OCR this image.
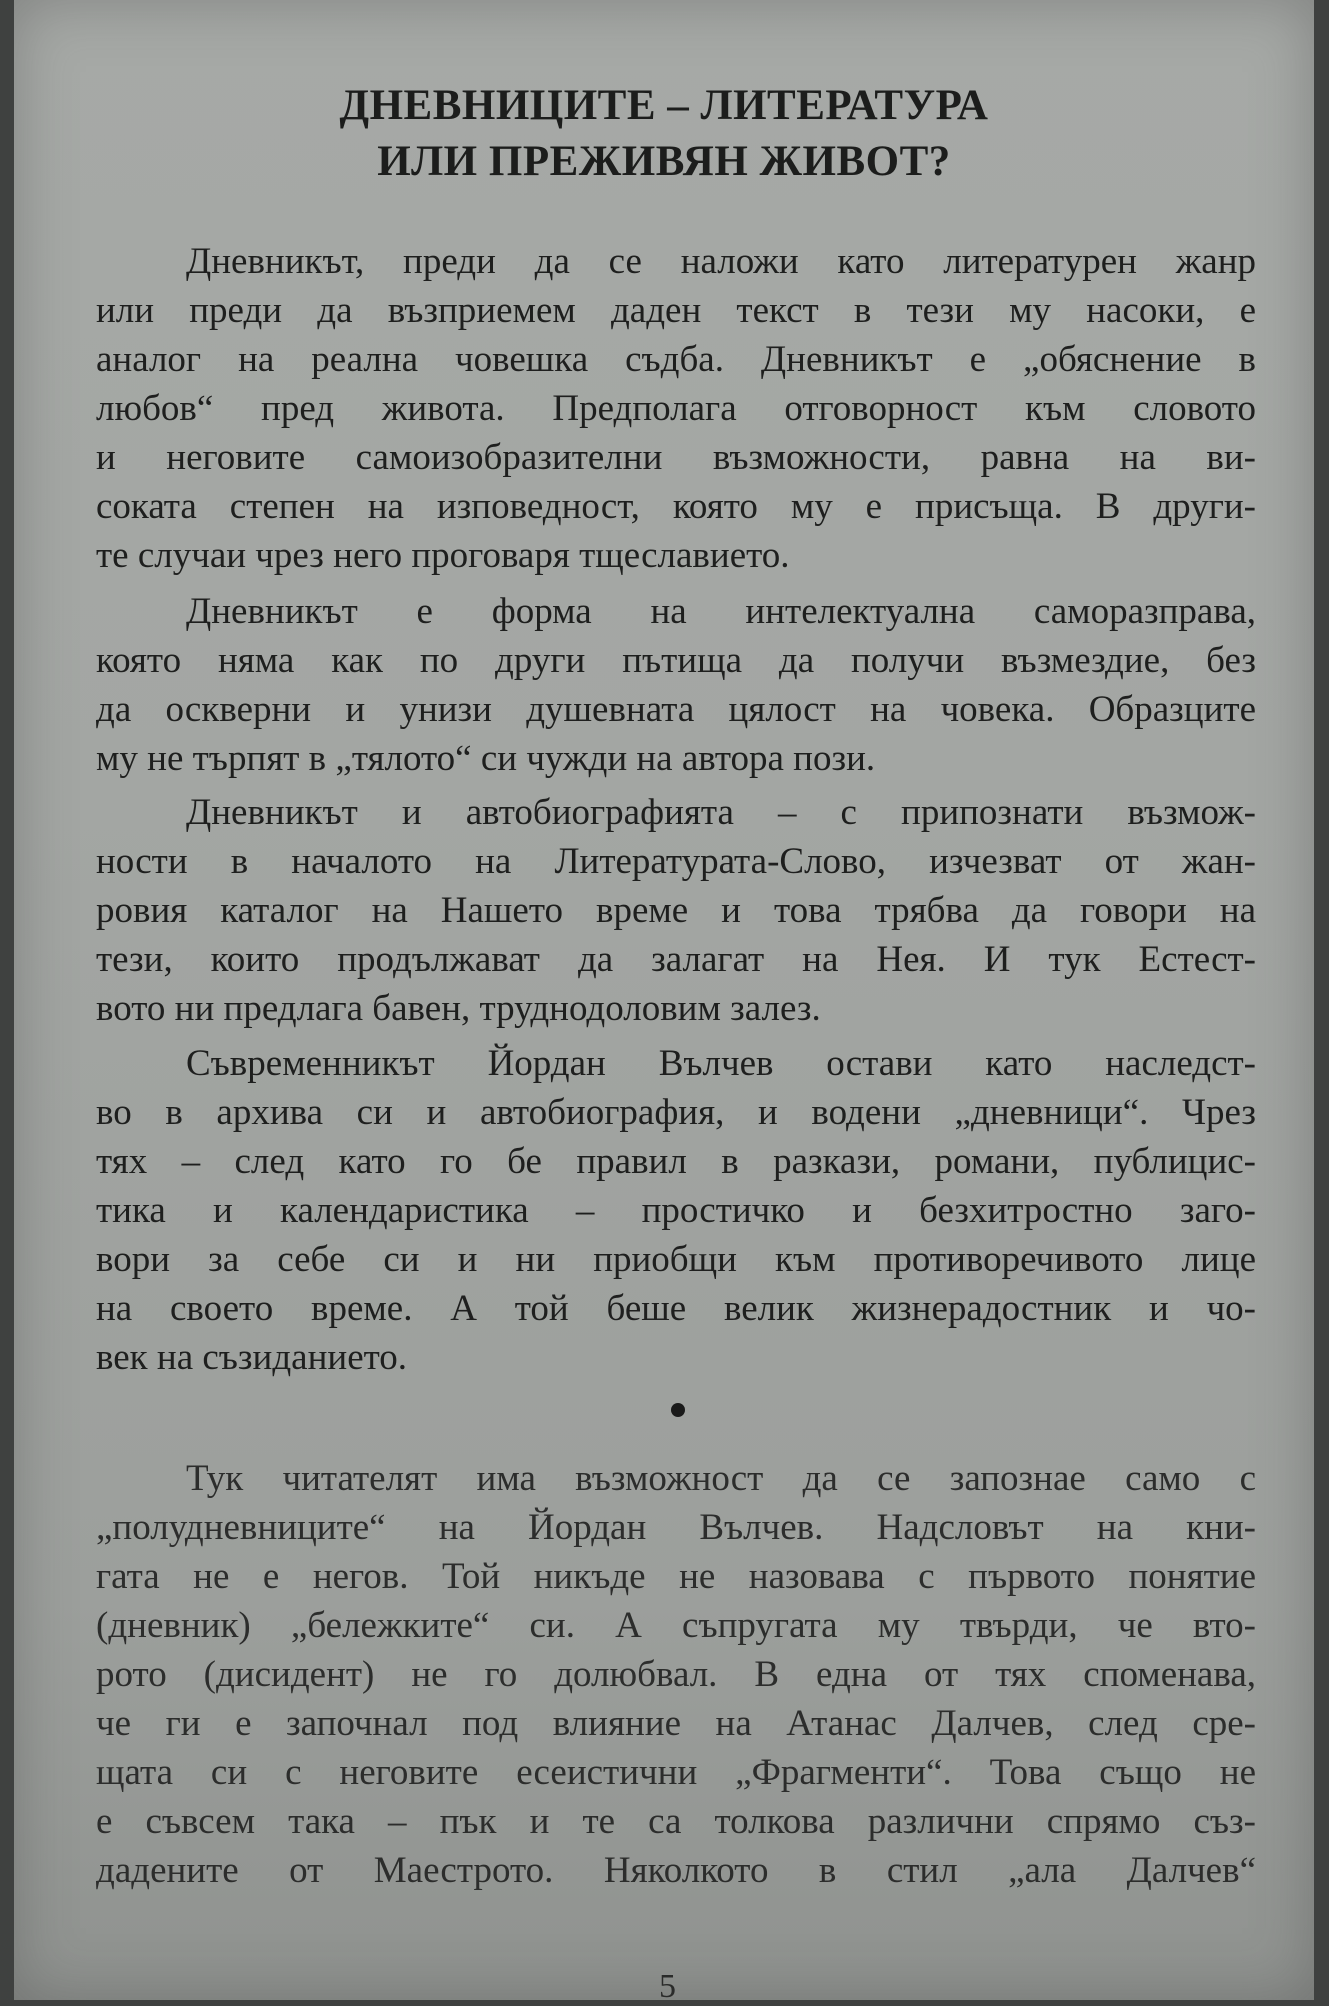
ДНЕВНИЦИТЕ – ЛИТЕРАТУРА
ИЛИ ПРЕЖИВЯН ЖИВОТ?
Дневникът, преди да се наложи като литературен жанр
или преди да възприемем даден текст в тези му насоки, е
аналог на реална човешка съдба. Дневникът е „обяснение в
любов“ пред живота. Предполага отговорност към словото
и неговите самоизобразителни възможности, равна на ви-
соката степен на изповедност, която му е присъща. В други-
те случаи чрез него проговаря тщеславието.
Дневникът е форма на интелектуална саморазправа,
която няма как по други пътища да получи възмездие, без
да оскверни и унизи душевната цялост на човека. Образците
му не търпят в „тялото“ си чужди на автора пози.
Дневникът и автобиографията – с припознати възмож-
ности в началото на Литературата-Слово, изчезват от жан-
ровия каталог на Нашето време и това трябва да говори на
тези, които продължават да залагат на Нея. И тук Естест-
вото ни предлага бавен, труднодоловим залез.
Съвременникът Йордан Вълчев остави като наследст-
во в архива си и автобиография, и водени „дневници“. Чрез
тях – след като го бе правил в разкази, романи, публицис-
тика и календаристика – простичко и безхитростно заго-
вори за себе си и ни приобщи към противоречивото лице
на своето време. А той беше велик жизнерадостник и чо-
век на съзиданието.
Тук читателят има възможност да се запознае само с
„полудневниците“ на Йордан Вълчев. Надсловът на кни-
гата не е негов. Той никъде не назовава с първото понятие
(дневник) „бележките“ си. А съпругата му твърди, че вто-
рото (дисидент) не го долюбвал. В една от тях споменава,
че ги е започнал под влияние на Атанас Далчев, след сре-
щата си с неговите есеистични „Фрагменти“. Това също не
е съвсем така – пък и те са толкова различни спрямо съз-
дадените от Маестрото. Няколкото в стил „ала Далчев“
5
